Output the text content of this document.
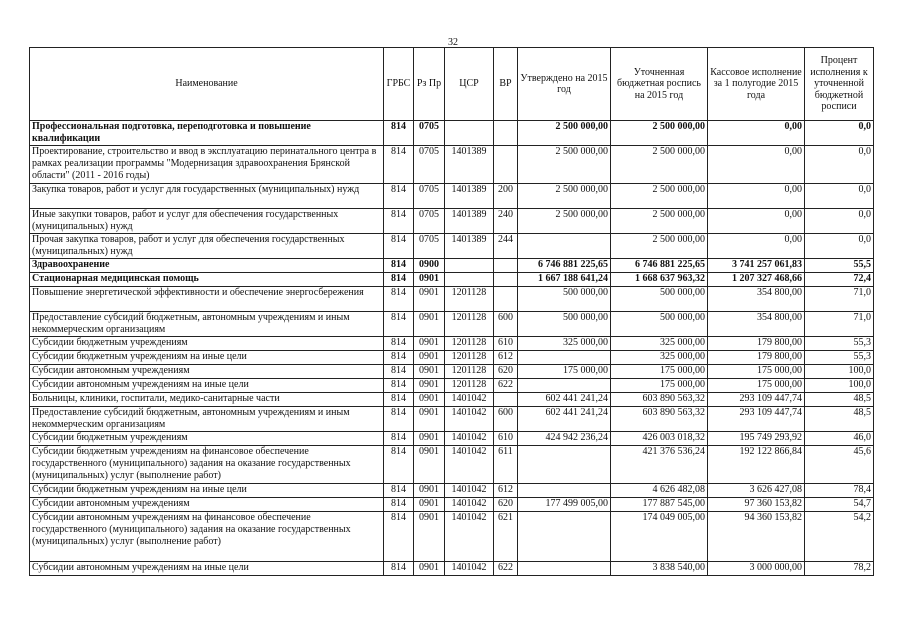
32
Наименование	ГРБС	Рз Пр	ЦСР	ВР	Утверждено на 2015 год	Уточненная бюджетная роспись на 2015 год	Кассовое исполнение за 1 полугодие 2015 года	Процент исполнения к уточненной бюджетной росписи
Профессиональная подготовка, переподготовка и повышение квалификации	814	0705			2 500 000,00	2 500 000,00	0,00	0,0
Проектирование, строительство и ввод в эксплуатацию перинатального центра в рамках реализации программы "Модернизация здравоохранения Брянской области" (2011 - 2016 годы)	814	0705	1401389		2 500 000,00	2 500 000,00	0,00	0,0
Закупка товаров, работ и услуг для государственных (муниципальных) нужд	814	0705	1401389	200	2 500 000,00	2 500 000,00	0,00	0,0
Иные закупки товаров, работ и услуг для обеспечения государственных (муниципальных) нужд	814	0705	1401389	240	2 500 000,00	2 500 000,00	0,00	0,0
Прочая закупка товаров, работ и услуг для обеспечения государственных (муниципальных) нужд	814	0705	1401389	244		2 500 000,00	0,00	0,0
Здравоохранение	814	0900			6 746 881 225,65	6 746 881 225,65	3 741 257 061,83	55,5
Стационарная медицинская помощь	814	0901			1 667 188 641,24	1 668 637 963,32	1 207 327 468,66	72,4
Повышение энергетической эффективности и обеспечение энергосбережения	814	0901	1201128		500 000,00	500 000,00	354 800,00	71,0
Предоставление субсидий бюджетным, автономным учреждениям и иным некоммерческим организациям	814	0901	1201128	600	500 000,00	500 000,00	354 800,00	71,0
Субсидии бюджетным учреждениям	814	0901	1201128	610	325 000,00	325 000,00	179 800,00	55,3
Субсидии бюджетным учреждениям на иные цели	814	0901	1201128	612		325 000,00	179 800,00	55,3
Субсидии автономным учреждениям	814	0901	1201128	620	175 000,00	175 000,00	175 000,00	100,0
Субсидии автономным учреждениям на иные цели	814	0901	1201128	622		175 000,00	175 000,00	100,0
Больницы, клиники, госпитали, медико-санитарные части	814	0901	1401042		602 441 241,24	603 890 563,32	293 109 447,74	48,5
Предоставление субсидий бюджетным, автономным учреждениям и иным некоммерческим организациям	814	0901	1401042	600	602 441 241,24	603 890 563,32	293 109 447,74	48,5
Субсидии бюджетным учреждениям	814	0901	1401042	610	424 942 236,24	426 003 018,32	195 749 293,92	46,0
Субсидии бюджетным учреждениям на финансовое обеспечение государственного (муниципального) задания на оказание государственных (муниципальных) услуг (выполнение работ)	814	0901	1401042	611		421 376 536,24	192 122 866,84	45,6
Субсидии бюджетным учреждениям на иные цели	814	0901	1401042	612		4 626 482,08	3 626 427,08	78,4
Субсидии автономным учреждениям	814	0901	1401042	620	177 499 005,00	177 887 545,00	97 360 153,82	54,7
Субсидии автономным учреждениям на финансовое обеспечение государственного (муниципального) задания на оказание государственных (муниципальных) услуг (выполнение работ)	814	0901	1401042	621		174 049 005,00	94 360 153,82	54,2
Субсидии автономным учреждениям на иные цели	814	0901	1401042	622		3 838 540,00	3 000 000,00	78,2
